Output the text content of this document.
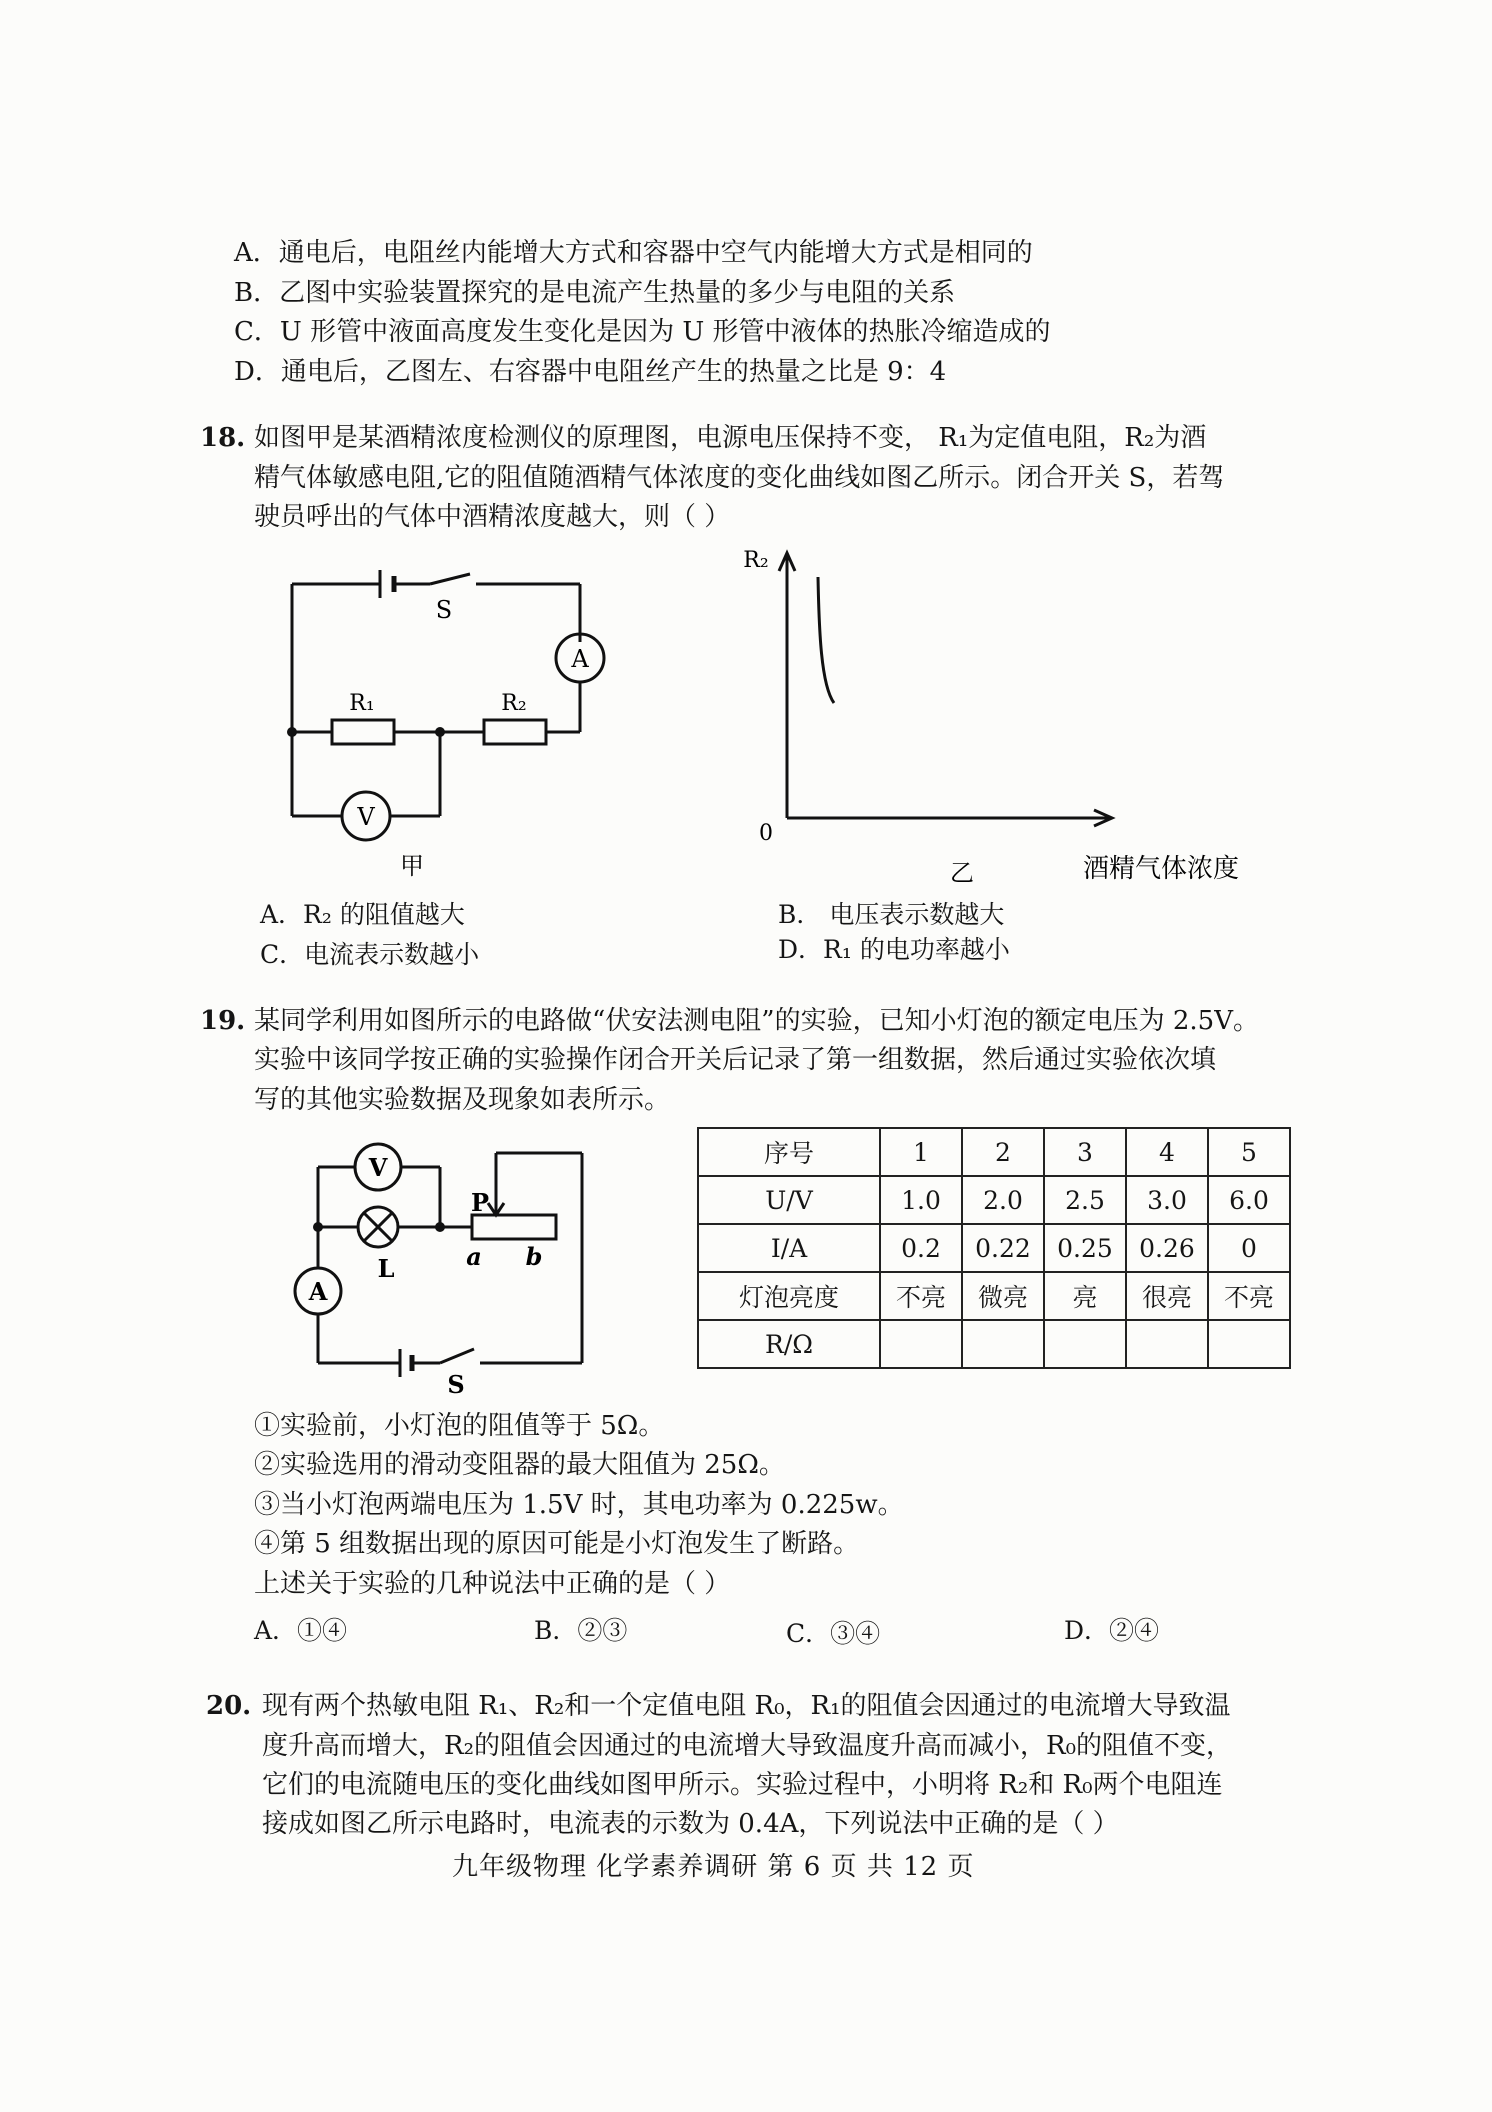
A．通电后，电阻丝内能增大方式和容器中空气内能增大方式是相同的
B．乙图中实验装置探究的是电流产生热量的多少与电阻的关系
C．U 形管中液面高度发生变化是因为 U 形管中液体的热胀冷缩造成的
D．通电后，乙图左、右容器中电阻丝产生的热量之比是 9：4
18. 如图甲是某酒精浓度检测仪的原理图，电源电压保持不变， R₁为定值电阻，R₂为酒
精气体敏感电阻,它的阻值随酒精气体浓度的变化曲线如图乙所示。闭合开关 S，若驾
驶员呼出的气体中酒精浓度越大，则（ ）
S
A
V
R₁	R₂
甲
R₂
0
乙	酒精气体浓度
A．R₂ 的阻值越大	B． 电压表示数越大
C．电流表示数越小	D．R₁ 的电功率越小
19. 某同学利用如图所示的电路做“伏安法测电阻”的实验，已知小灯泡的额定电压为 2.5V。
实验中该同学按正确的实验操作闭合开关后记录了第一组数据，然后通过实验依次填
写的其他实验数据及现象如表所示。
V
A
L
P
a b
S
序号	1	2	3	4	5
U/V	1.0	2.0	2.5	3.0	6.0
I/A	0.2	0.22	0.25	0.26	0
灯泡亮度	不亮	微亮	亮	很亮	不亮
R/Ω					
①实验前，小灯泡的阻值等于 5Ω。
②实验选用的滑动变阻器的最大阻值为 25Ω。
③当小灯泡两端电压为 1.5V 时，其电功率为 0.225w。
④第 5 组数据出现的原因可能是小灯泡发生了断路。
上述关于实验的几种说法中正确的是（ ）
A．①④	B．②③	C．③④	D．②④
20. 现有两个热敏电阻 R₁、R₂和一个定值电阻 R₀，R₁的阻值会因通过的电流增大导致温
度升高而增大，R₂的阻值会因通过的电流增大导致温度升高而减小，R₀的阻值不变，
它们的电流随电压的变化曲线如图甲所示。实验过程中，小明将 R₂和 R₀两个电阻连
接成如图乙所示电路时，电流表的示数为 0.4A，下列说法中正确的是（ ）
九年级物理 化学素养调研 第 6 页 共 12 页
